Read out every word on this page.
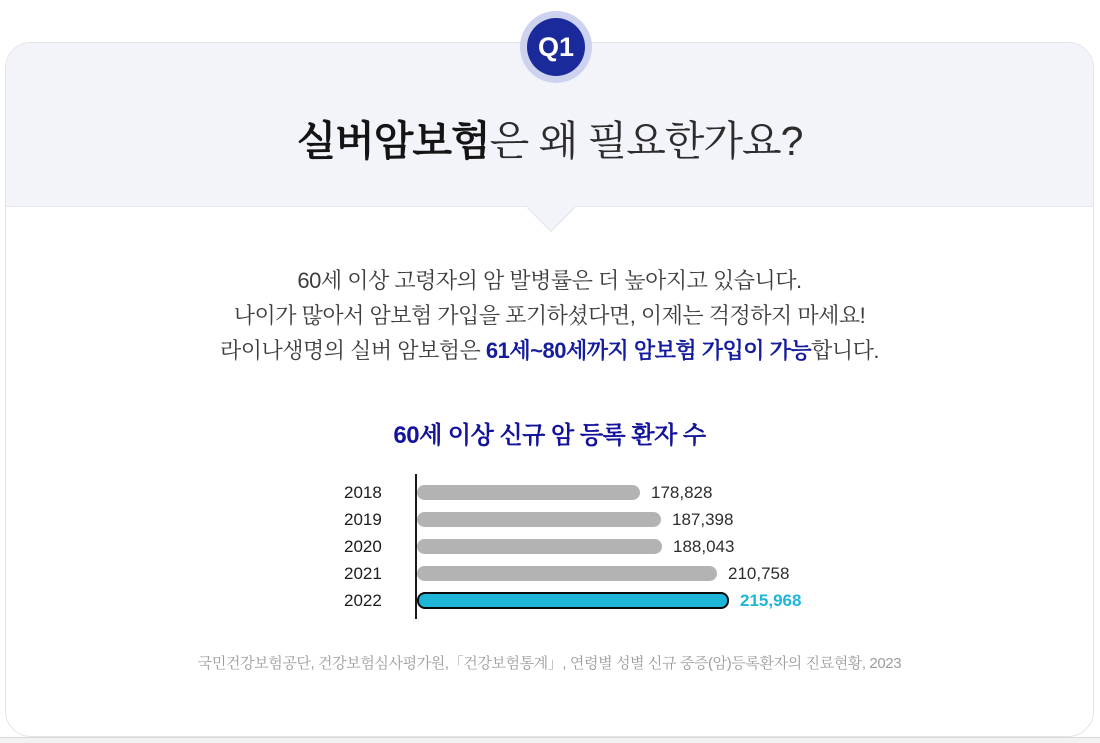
Q1
실버암보험은 왜 필요한가요?

60세 이상 고령자의 암 발병률은 더 높아지고 있습니다.
나이가 많아서 암보험 가입을 포기하셨다면, 이제는 걱정하지 마세요!
라이나생명의 실버 암보험은 61세~80세까지 암보험 가입이 가능합니다.

60세 이상 신규 암 등록 환자 수
2018	178,828
2019	187,398
2020	188,043
2021	210,758
2022	215,968

국민건강보험공단, 건강보험심사평가원,「건강보험통계」, 연령별 성별 신규 중증(암)등록환자의 진료현황, 2023
